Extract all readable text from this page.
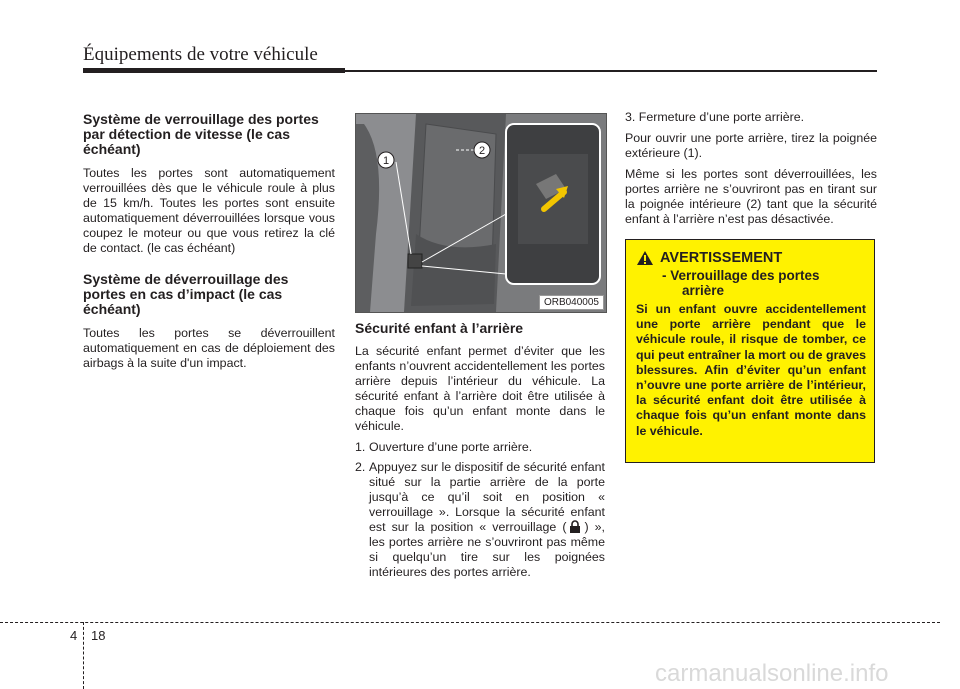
Équipements de votre véhicule
Système de verrouillage des portes par détection de vitesse (le cas échéant)

Toutes les portes sont automatiquement verrouillées dès que le véhicule roule à plus de 15 km/h. Toutes les portes sont ensuite automatiquement déverrouillées lorsque vous coupez le moteur ou que vous retirez la clé de contact. (le cas échéant)

Système de déverrouillage des portes en cas d’impact (le cas échéant)

Toutes les portes se déverrouillent automatiquement en cas de déploiement des airbags à la suite d'un impact.

1
2
ORB040005
Sécurité enfant à l’arrière

La sécurité enfant permet d’éviter que les enfants n’ouvrent accidentellement les portes arrière depuis l’intérieur du véhicule. La sécurité enfant à l’arrière doit être utilisée à chaque fois qu’un enfant monte dans le véhicule.

1. Ouverture d’une porte arrière.
2. Appuyez sur le dispositif de sécurité enfant situé sur la partie arrière de la porte jusqu’à ce qu’il soit en position « verrouillage ». Lorsque la sécurité enfant est sur la position « verrouillage ( ) », les portes arrière ne s’ouvriront pas même si quelqu’un tire sur les poignées intérieures des portes arrière.

3. Fermeture d’une porte arrière.

Pour ouvrir une porte arrière, tirez la poignée extérieure (1).

Même si les portes sont déverrouillées, les portes arrière ne s’ouvriront pas en tirant sur la poignée intérieure (2) tant que la sécurité enfant à l’arrière n’est pas désactivée.

AVERTISSEMENT
- Verrouillage des portes
arrière
Si un enfant ouvre accidentellement une porte arrière pendant que le véhicule roule, il risque de tomber, ce qui peut entraîner la mort ou de graves blessures. Afin d’éviter qu’un enfant n’ouvre une porte arrière de l’intérieur, la sécurité enfant doit être utilisée à chaque fois qu’un enfant monte dans le véhicule.
4 18
carmanualsonline.info
